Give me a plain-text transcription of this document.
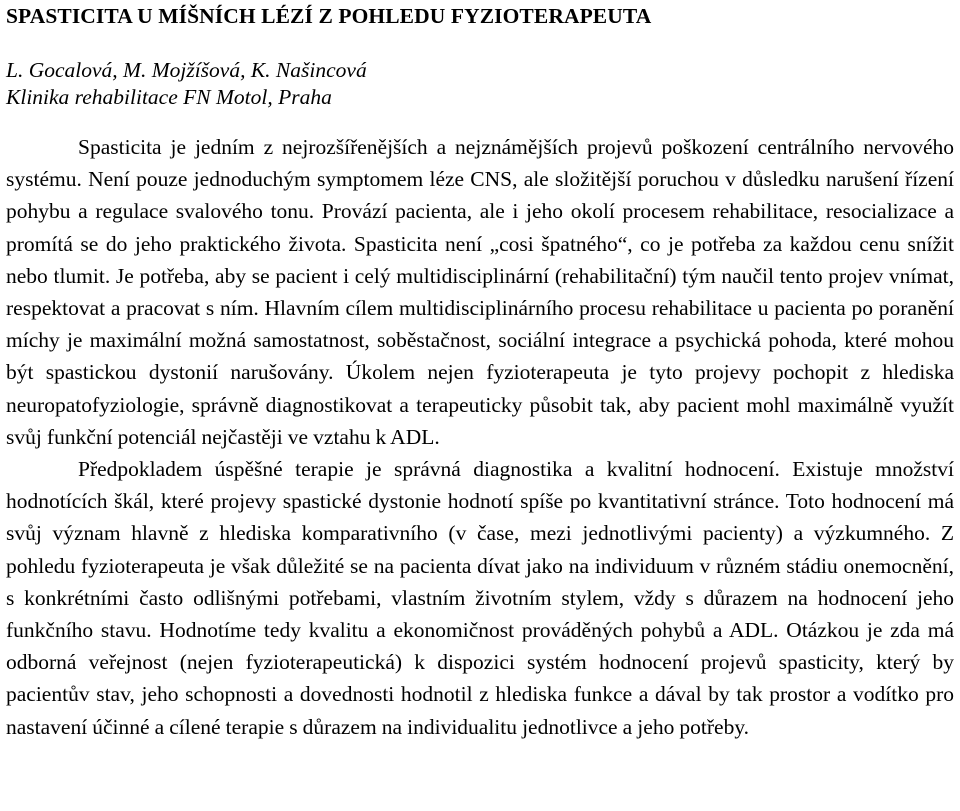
SPASTICITA U MÍŠNÍCH LÉZÍ Z POHLEDU FYZIOTERAPEUTA

L. Gocalová, M. Mojžíšová, K. Našincová

Klinika rehabilitace FN Motol, Praha

Spasticita je jedním z nejrozšířenějších a nejznámějších projevů poškození centrálního nervového systému. Není pouze jednoduchým symptomem léze CNS, ale složitější poruchou v důsledku narušení řízení pohybu a regulace svalového tonu. Provází pacienta, ale i jeho okolí procesem rehabilitace, resocializace a promítá se do jeho praktického života. Spasticita není „cosi špatného“, co je potřeba za každou cenu snížit nebo tlumit. Je potřeba, aby se pacient i celý multidisciplinární (rehabilitační) tým naučil tento projev vnímat, respektovat a pracovat s ním. Hlavním cílem multidisciplinárního procesu rehabilitace u pacienta po poranění míchy je maximální možná samostatnost, soběstačnost, sociální integrace a psychická pohoda, které mohou být spastickou dystonií narušovány. Úkolem nejen fyzioterapeuta je tyto projevy pochopit z hlediska neuropatofyziologie, správně diagnostikovat a terapeuticky působit tak, aby pacient mohl maximálně využít svůj funkční potenciál nejčastěji ve vztahu k ADL.

Předpokladem úspěšné terapie je správná diagnostika a kvalitní hodnocení. Existuje množství hodnotících škál, které projevy spastické dystonie hodnotí spíše po kvantitativní stránce. Toto hodnocení má svůj význam hlavně z hlediska komparativního (v čase, mezi jednotlivými pacienty) a výzkumného. Z pohledu fyzioterapeuta je však důležité se na pacienta dívat jako na individuum v různém stádiu onemocnění, s konkrétními často odlišnými potřebami, vlastním životním stylem, vždy s důrazem na hodnocení jeho funkčního stavu. Hodnotíme tedy kvalitu a ekonomičnost prováděných pohybů a ADL. Otázkou je zda má odborná veřejnost (nejen fyzioterapeutická) k dispozici systém hodnocení projevů spasticity, který by pacientův stav, jeho schopnosti a dovednosti hodnotil z hlediska funkce a dával by tak prostor a vodítko pro nastavení účinné a cílené terapie s důrazem na individualitu jednotlivce a jeho potřeby.
